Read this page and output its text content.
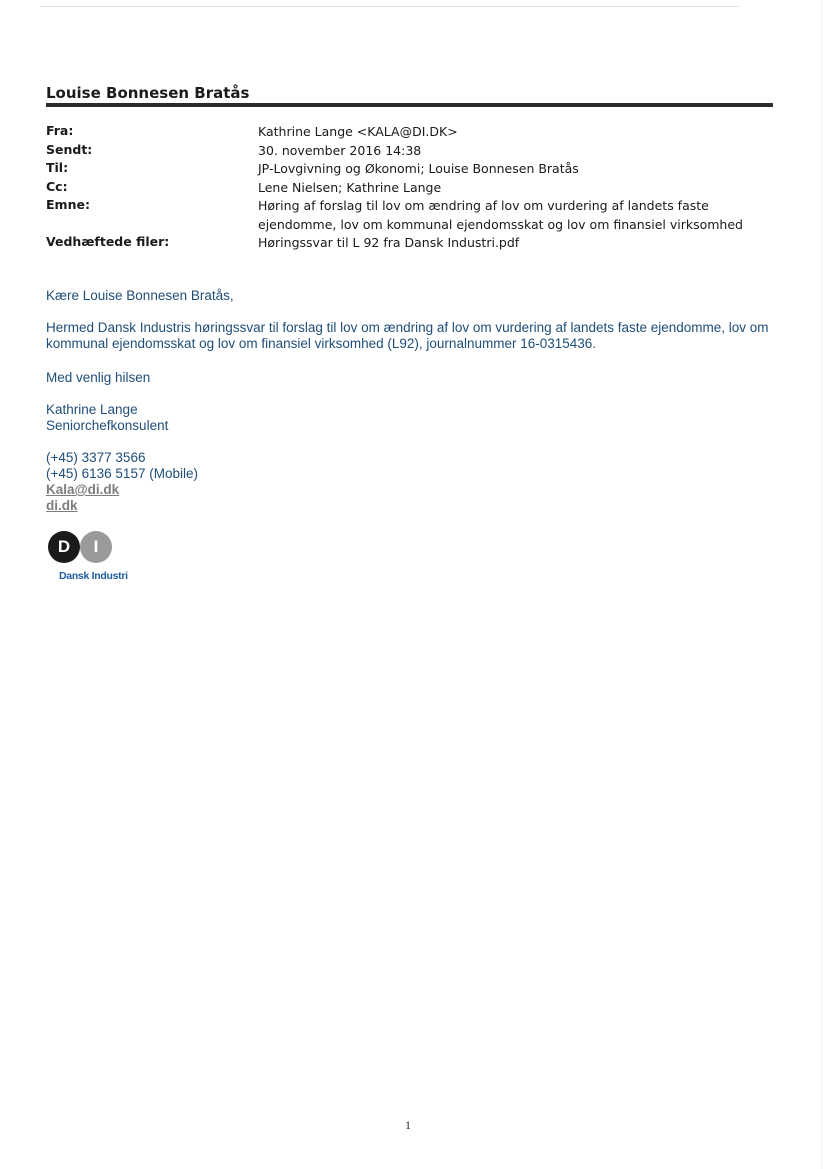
Louise Bonnesen Bratås
Fra:	Kathrine Lange <KALA@DI.DK>
Sendt:	30. november 2016 14:38
Til:	JP-Lovgivning og Økonomi; Louise Bonnesen Bratås
Cc:	Lene Nielsen; Kathrine Lange
Emne:	Høring af forslag til lov om ændring af lov om vurdering af landets faste ejendomme, lov om kommunal ejendomsskat og lov om finansiel virksomhed
Vedhæftede filer:	Høringssvar til L 92 fra Dansk Industri.pdf
Kære Louise Bonnesen Bratås,
Hermed Dansk Industris høringssvar til forslag til lov om ændring af lov om vurdering af landets faste ejendomme, lov om kommunal ejendomsskat og lov om finansiel virksomhed (L92), journalnummer 16-0315436.
Med venlig hilsen
Kathrine Lange
Seniorchefkonsulent
(+45) 3377 3566
(+45) 6136 5157 (Mobile)
Kala@di.dk
di.dk
D	I
Dansk Industri
1
